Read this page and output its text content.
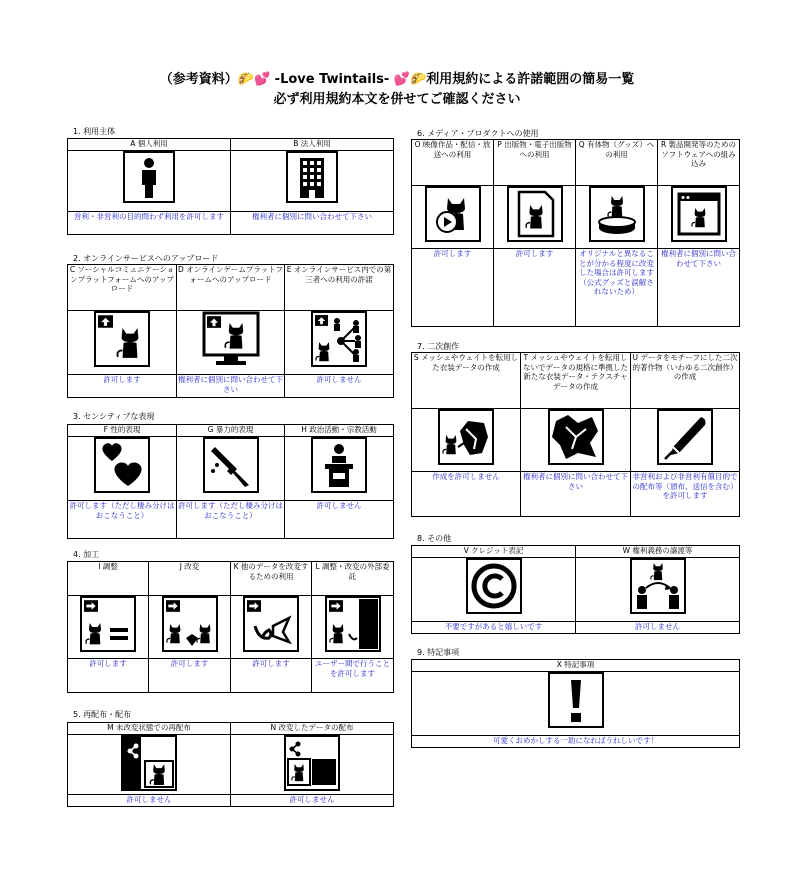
（参考資料）🌮💕 -Love Twintails- 💕🌮利用規約による許諾範囲の簡易一覧
必ず利用規約本文を併せてご確認ください
1. 利用主体
A 個人利用	B 法人利用

営利・非営利の目的問わず利用を許可します	権利者に個別に問い合わせて下さい
2. オンラインサービスへのアップロード
C ソーシャルコミュニケーションプラットフォームへのアップロード	D オンラインゲームプラットフォームへのアップロード	E オンラインサービス内での第三者への利用の許諾

許可します	権利者に個別に問い合わせて下さい	許可しません
3. センシティブな表現
F 性的表現	G 暴力的表現	H 政治活動・宗教活動

許可します（ただし棲み分けはおこなうこと）	許可します（ただし棲み分けはおこなうこと）	許可しません
4. 加工
I 調整	J 改変	K 他のデータを改変するための利用	L 調整・改変の外部委託

許可します	許可します	許可します	ユーザー間で行うことを許可します
5. 再配布・配布
M 未改変状態での再配布	N 改変したデータの配布

許可しません	許可しません
6. メディア・プロダクトへの使用
O 映像作品・配信・放送への利用	P 出版物・電子出版物への利用	Q 有体物（グッズ）への利用	R 製品開発等のためのソフトウェアへの組み込み

許可します	許可します	オリジナルと異なることが分かる程度に改変した場合は許可します（公式グッズと誤解されないため）	権利者に個別に問い合わせて下さい
7. 二次創作
S メッシュやウェイトを転用した衣装データの作成	T メッシュやウェイトを転用しないでデータの規格に準拠した新たな衣装データ・テクスチャデータの作成	U データをモチーフにした二次的著作物（いわゆる二次創作）の作成

作成を許可しません	権利者に個別に問い合わせて下さい	非営利および非営利有償目的での配布等（頒布、送信を含む）を許可します
8. その他
V クレジット表記	W 権利義務の譲渡等

不要ですがあると嬉しいです	許可しません
9. 特記事項
X 特記事項

可愛くおめかしする一助になればうれしいです！
